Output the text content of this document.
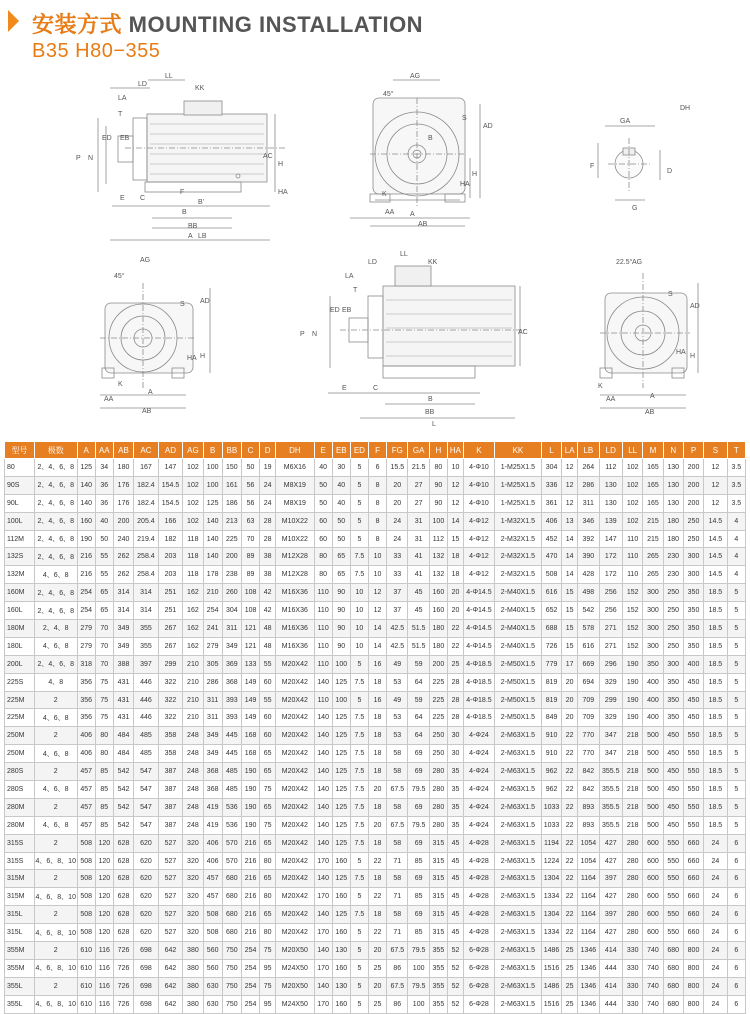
安装方式 MOUNTING INSTALLATION
B35 H80−355
LD
LL
KK
LA
T
ED EB
P N
E C
F
B
B'
BB
A LB
AC
H
HA
AG
45°
S
B
AD
H
HA
K
AA A
AB
GA
DH
F
D
G
AG
45°
S AD
HA H
K
A
AA
AB
LD
LL
KK
LA
T
P N
ED EB
E	C
B
BB
L
AC
AG
22.5°
S
AD
HA
H
A
AA
AB
K
型号	极数	A	AA	AB	AC	AD	AG	B	BB	C	D	DH	E	EB	ED	F	FG	GA	H	HA	K	KK	L	LA	LB	LD	LL	M	N	P	S	T
80	2、4、6、8	125	34	180	167	147	102	100	150	50	19	M6X16	40	30	5	6	15.5	21.5	80	10	4-Φ10	1-M25X1.5	304	12	264	112	102	165	130	200	12	3.5
90S	2、4、6、8	140	36	176	182.4	154.5	102	100	161	56	24	M8X19	50	40	5	8	20	27	90	12	4-Φ10	1-M25X1.5	336	12	286	130	102	165	130	200	12	3.5
90L	2、4、6、8	140	36	176	182.4	154.5	102	125	186	56	24	M8X19	50	40	5	8	20	27	90	12	4-Φ10	1-M25X1.5	361	12	311	130	102	165	130	200	12	3.5
100L	2、4、6、8	160	40	200	205.4	166	102	140	213	63	28	M10X22	60	50	5	8	24	31	100	14	4-Φ12	1-M32X1.5	406	13	346	139	102	215	180	250	14.5	4
112M	2、4、6、8	190	50	240	219.4	182	118	140	225	70	28	M10X22	60	50	5	8	24	31	112	15	4-Φ12	2-M32X1.5	452	14	392	147	110	215	180	250	14.5	4
132S	2、4、6、8	216	55	262	258.4	203	118	140	200	89	38	M12X28	80	65	7.5	10	33	41	132	18	4-Φ12	2-M32X1.5	470	14	390	172	110	265	230	300	14.5	4
132M	4、6、8	216	55	262	258.4	203	118	178	238	89	38	M12X28	80	65	7.5	10	33	41	132	18	4-Φ12	2-M32X1.5	508	14	428	172	110	265	230	300	14.5	4
160M	2、4、6、8	254	65	314	314	251	162	210	260	108	42	M16X36	110	90	10	12	37	45	160	20	4-Φ14.5	2-M40X1.5	616	15	498	256	152	300	250	350	18.5	5
160L	2、4、6、8	254	65	314	314	251	162	254	304	108	42	M16X36	110	90	10	12	37	45	160	20	4-Φ14.5	2-M40X1.5	652	15	542	256	152	300	250	350	18.5	5
180M	2、4、8	279	70	349	355	267	162	241	311	121	48	M16X36	110	90	10	14	42.5	51.5	180	22	4-Φ14.5	2-M40X1.5	688	15	578	271	152	300	250	350	18.5	5
180L	4、6、8	279	70	349	355	267	162	279	349	121	48	M16X36	110	90	10	14	42.5	51.5	180	22	4-Φ14.5	2-M40X1.5	726	15	616	271	152	300	250	350	18.5	5
200L	2、4、6、8	318	70	388	397	299	210	305	369	133	55	M20X42	110	100	5	16	49	59	200	25	4-Φ18.5	2-M50X1.5	779	17	669	296	190	350	300	400	18.5	5
225S	4、8	356	75	431	446	322	210	286	368	149	60	M20X42	140	125	7.5	18	53	64	225	28	4-Φ18.5	2-M50X1.5	819	20	694	329	190	400	350	450	18.5	5
225M	2	356	75	431	446	322	210	311	393	149	55	M20X42	110	100	5	16	49	59	225	28	4-Φ18.5	2-M50X1.5	819	20	709	299	190	400	350	450	18.5	5
225M	4、6、8	356	75	431	446	322	210	311	393	149	60	M20X42	140	125	7.5	18	53	64	225	28	4-Φ18.5	2-M50X1.5	849	20	709	329	190	400	350	450	18.5	5
250M	2	406	80	484	485	358	248	349	445	168	60	M20X42	140	125	7.5	18	53	64	250	30	4-Φ24	2-M63X1.5	910	22	770	347	218	500	450	550	18.5	5
250M	4、6、8	406	80	484	485	358	248	349	445	168	65	M20X42	140	125	7.5	18	58	69	250	30	4-Φ24	2-M63X1.5	910	22	770	347	218	500	450	550	18.5	5
280S	2	457	85	542	547	387	248	368	485	190	65	M20X42	140	125	7.5	18	58	69	280	35	4-Φ24	2-M63X1.5	962	22	842	355.5	218	500	450	550	18.5	5
280S	4、6、8	457	85	542	547	387	248	368	485	190	75	M20X42	140	125	7.5	20	67.5	79.5	280	35	4-Φ24	2-M63X1.5	962	22	842	355.5	218	500	450	550	18.5	5
280M	2	457	85	542	547	387	248	419	536	190	65	M20X42	140	125	7.5	18	58	69	280	35	4-Φ24	2-M63X1.5	1033	22	893	355.5	218	500	450	550	18.5	5
280M	4、6、8	457	85	542	547	387	248	419	536	190	75	M20X42	140	125	7.5	20	67.5	79.5	280	35	4-Φ24	2-M63X1.5	1033	22	893	355.5	218	500	450	550	18.5	5
315S	2	508	120	628	620	527	320	406	570	216	65	M20X42	140	125	7.5	18	58	69	315	45	4-Φ28	2-M63X1.5	1194	22	1054	427	280	600	550	660	24	6
315S	4、6、8、10	508	120	628	620	527	320	406	570	216	80	M20X42	170	160	5	22	71	85	315	45	4-Φ28	2-M63X1.5	1224	22	1054	427	280	600	550	660	24	6
315M	2	508	120	628	620	527	320	457	680	216	65	M20X42	140	125	7.5	18	58	69	315	45	4-Φ28	2-M63X1.5	1304	22	1164	397	280	600	550	660	24	6
315M	4、6、8、10	508	120	628	620	527	320	457	680	216	80	M20X42	170	160	5	22	71	85	315	45	4-Φ28	2-M63X1.5	1334	22	1164	427	280	600	550	660	24	6
315L	2	508	120	628	620	527	320	508	680	216	65	M20X42	140	125	7.5	18	58	69	315	45	4-Φ28	2-M63X1.5	1304	22	1164	397	280	600	550	660	24	6
315L	4、6、8、10	508	120	628	620	527	320	508	680	216	80	M20X42	170	160	5	22	71	85	315	45	4-Φ28	2-M63X1.5	1334	22	1164	427	280	600	550	660	24	6
355M	2	610	116	726	698	642	380	560	750	254	75	M20X50	140	130	5	20	67.5	79.5	355	52	6-Φ28	2-M63X1.5	1486	25	1346	414	330	740	680	800	24	6
355M	4、6、8、10	610	116	726	698	642	380	560	750	254	95	M24X50	170	160	5	25	86	100	355	52	6-Φ28	2-M63X1.5	1516	25	1346	444	330	740	680	800	24	6
355L	2	610	116	726	698	642	380	630	750	254	75	M20X50	140	130	5	20	67.5	79.5	355	52	6-Φ28	2-M63X1.5	1486	25	1346	414	330	740	680	800	24	6
355L	4、6、8、10	610	116	726	698	642	380	630	750	254	95	M24X50	170	160	5	25	86	100	355	52	6-Φ28	2-M63X1.5	1516	25	1346	444	330	740	680	800	24	6
